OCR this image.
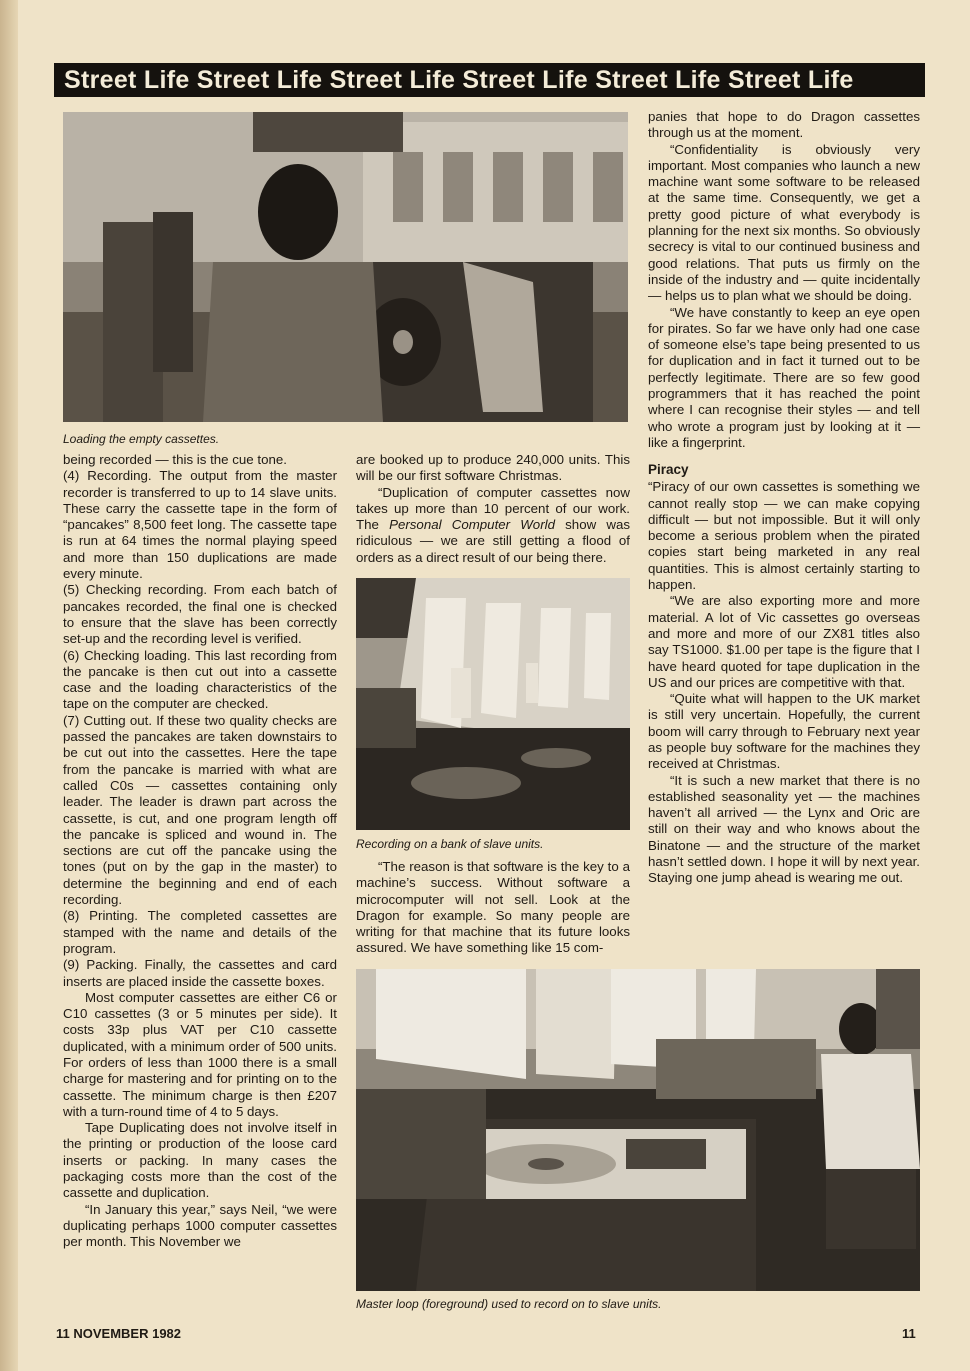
Street Life Street Life Street Life Street Life Street Life Street Life
Loading the empty cassettes.

being recorded — this is the cue tone.

(4) Recording. The output from the master recorder is transferred to up to 14 slave units. These carry the cassette tape in the form of “pancakes” 8,500 feet long. The cassette tape is run at 64 times the normal playing speed and more than 150 duplications are made every minute.

(5) Checking recording. From each batch of pancakes recorded, the final one is checked to ensure that the slave has been correctly set-up and the recording level is verified.

(6) Checking loading. This last recording from the pancake is then cut out into a cassette case and the loading characteristics of the tape on the computer are checked.

(7) Cutting out. If these two quality checks are passed the pancakes are taken downstairs to be cut out into the cassettes. Here the tape from the pancake is married with what are called C0s — cassettes containing only leader. The leader is drawn part across the cassette, is cut, and one program length off the pancake is spliced and wound in. The sections are cut off the pancake using the tones (put on by the gap in the master) to determine the beginning and end of each recording.

(8) Printing. The completed cassettes are stamped with the name and details of the program.

(9) Packing. Finally, the cassettes and card inserts are placed inside the cassette boxes.

Most computer cassettes are either C6 or C10 cassettes (3 or 5 minutes per side). It costs 33p plus VAT per C10 cassette duplicated, with a minimum order of 500 units. For orders of less than 1000 there is a small charge for mastering and for printing on to the cassette. The minimum charge is then £207 with a turn-round time of 4 to 5 days.

Tape Duplicating does not involve itself in the printing or production of the loose card inserts or packing. In many cases the packaging costs more than the cost of the cassette and duplication.

“In January this year,” says Neil, “we were duplicating perhaps 1000 computer cassettes per month. This November we

are booked up to produce 240,000 units. This will be our first software Christmas.

“Duplication of computer cassettes now takes up more than 10 percent of our work. The Personal Computer World show was ridiculous — we are still getting a flood of orders as a direct result of our being there.

Recording on a bank of slave units.

“The reason is that software is the key to a machine’s success. Without software a microcomputer will not sell. Look at the Dragon for example. So many people are writing for that machine that its future looks assured. We have something like 15 com-

panies that hope to do Dragon cassettes through us at the moment.

“Confidentiality is obviously very important. Most companies who launch a new machine want some software to be released at the same time. Consequently, we get a pretty good picture of what everybody is planning for the next six months. So obviously secrecy is vital to our continued business and good relations. That puts us firmly on the inside of the industry and — quite incidentally — helps us to plan what we should be doing.

“We have constantly to keep an eye open for pirates. So far we have only had one case of someone else’s tape being presented to us for duplication and in fact it turned out to be perfectly legitimate. There are so few good programmers that it has reached the point where I can recognise their styles — and tell who wrote a program just by looking at it — like a fingerprint.

Piracy

“Piracy of our own cassettes is something we cannot really stop — we can make copying difficult — but not impossible. But it will only become a serious problem when the pirated copies start being marketed in any real quantities. This is almost certainly starting to happen.

“We are also exporting more and more material. A lot of Vic cassettes go overseas and more and more of our ZX81 titles also say TS1000. $1.00 per tape is the figure that I have heard quoted for tape duplication in the US and our prices are competitive with that.

“Quite what will happen to the UK market is still very uncertain. Hopefully, the current boom will carry through to February next year as people buy software for the machines they received at Christmas.

“It is such a new market that there is no established seasonality yet — the machines haven’t all arrived — the Lynx and Oric are still on their way and who knows about the Binatone — and the structure of the market hasn’t settled down. I hope it will by next year. Staying one jump ahead is wearing me out.

Master loop (foreground) used to record on to slave units.
11 NOVEMBER 1982	11
